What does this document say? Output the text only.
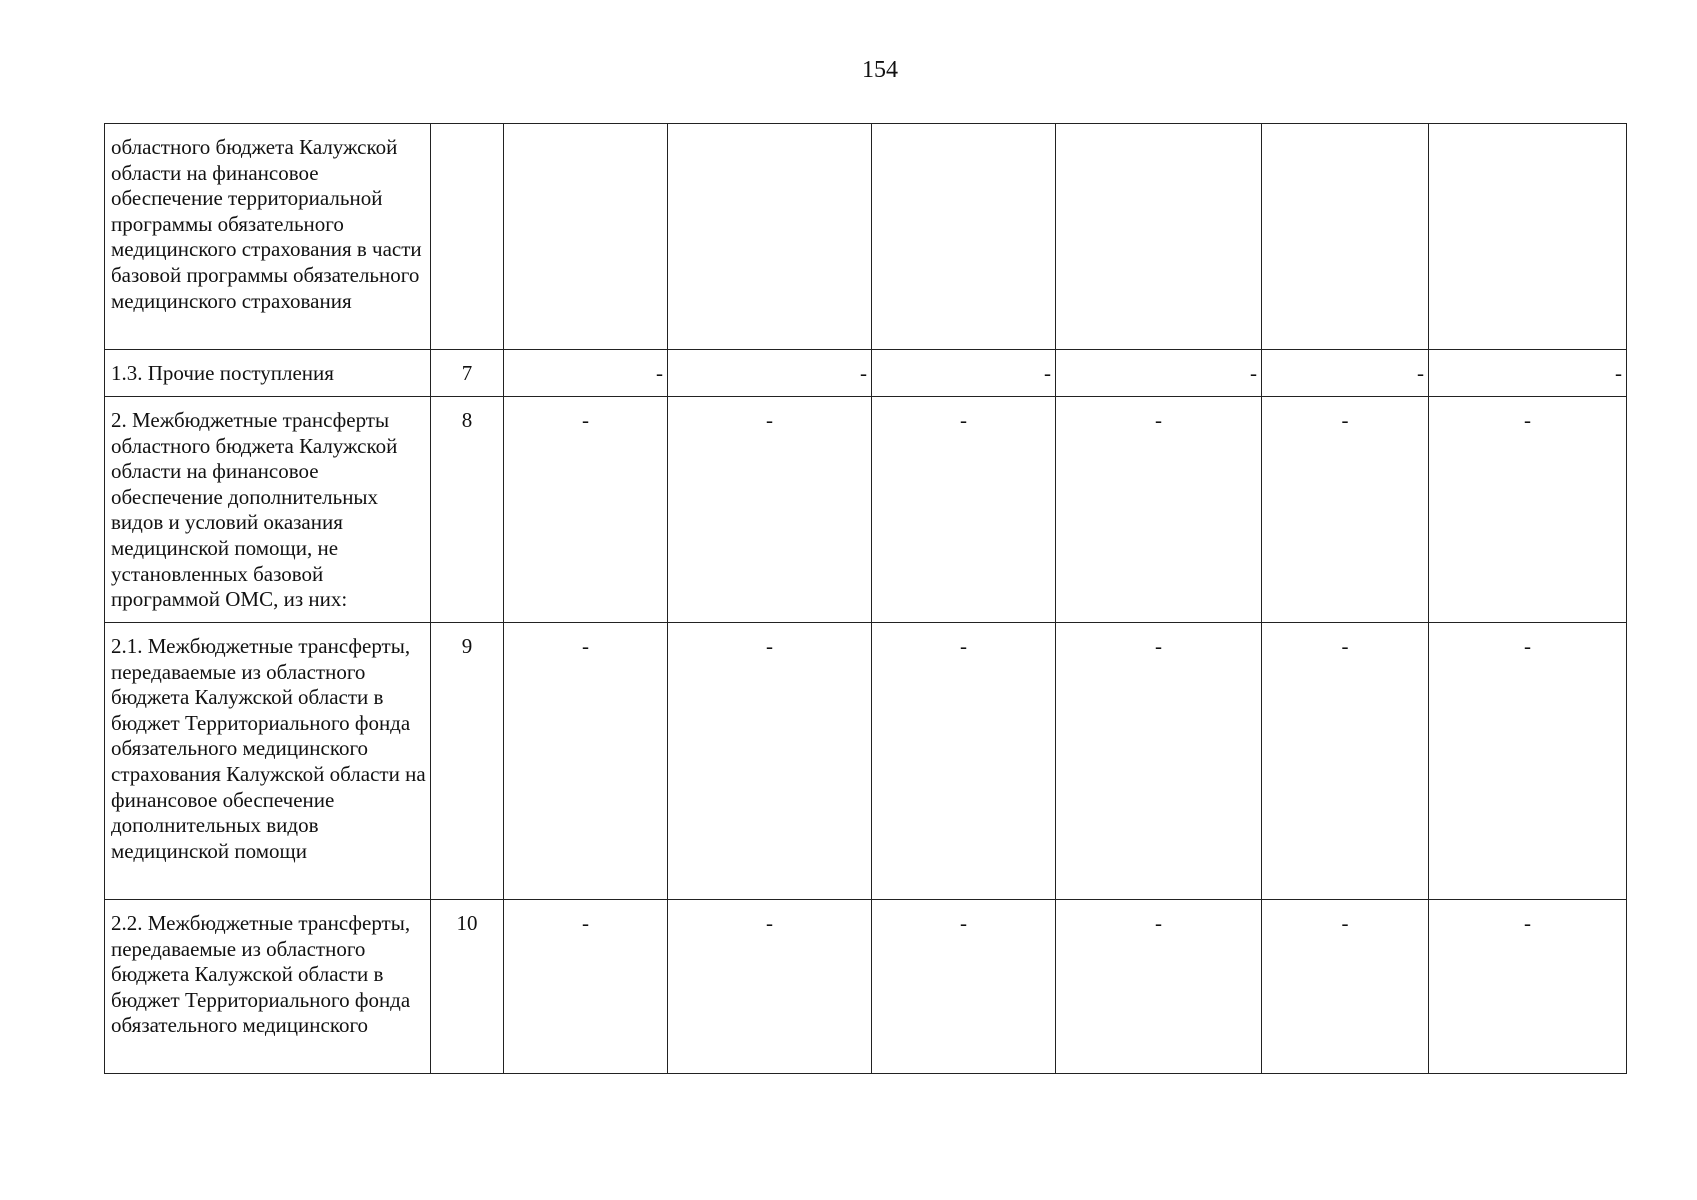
154
областного бюджета Калужской области на финансовое обеспечение территориальной программы обязательного медицинского страхования в части базовой программы обязательного медицинского страхования							
1.3. Прочие поступления	7	-	-	-	-	-	-
2. Межбюджетные трансферты областного бюджета Калужской области на финансовое обеспечение дополнительных видов и условий оказания медицинской помощи, не установленных базовой программой ОМС, из них:	8	-	-	-	-	-	-
2.1. Межбюджетные трансферты, передаваемые из областного бюджета Калужской области в бюджет Территориального фонда обязательного медицинского страхования Калужской области на финансовое обеспечение дополнительных видов медицинской помощи	9	-	-	-	-	-	-
2.2. Межбюджетные трансферты, передаваемые из областного бюджета Калужской области в бюджет Территориального фонда обязательного медицинского	10	-	-	-	-	-	-
